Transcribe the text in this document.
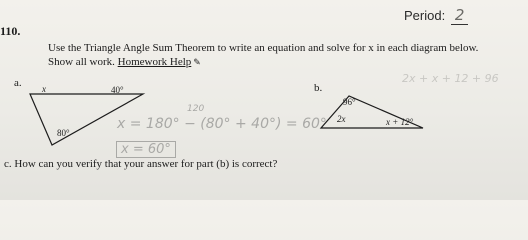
Period: 2
110.
Use the Triangle Angle Sum Theorem to write an equation and solve for x in each diagram below.
Show all work. Homework Help ✎
a.	b.
x	40°
80°
96°
2x	x + 12°
120
x = 180° − (80° + 40°) = 60°
x = 60°
2x + x + 12 + 96
c. How can you verify that your answer for part (b) is correct?
